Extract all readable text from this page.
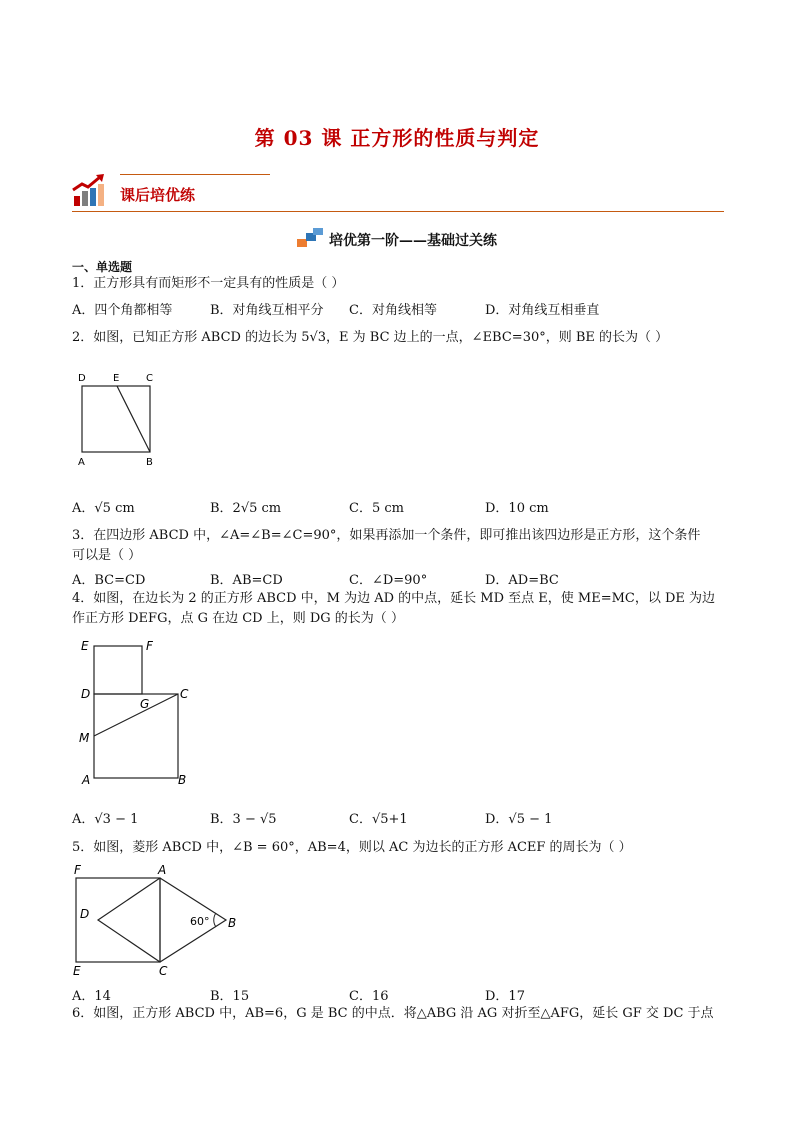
第 03 课 正方形的性质与判定
课后培优练
培优第一阶——基础过关练
一、单选题
1．正方形具有而矩形不一定具有的性质是（ ）
A．四个角都相等	B．对角线互相平分 C．对角线相等	D．对角线互相垂直
2．如图，已知正方形 ABCD 的边长为 5√3，E 为 BC 边上的一点，∠EBC=30°，则 BE 的长为（ ）
D	E	C
A	B
A．√5 cm	B．2√5 cm	C．5 cm	D．10 cm
3．在四边形 ABCD 中，∠A=∠B=∠C=90°，如果再添加一个条件，即可推出该四边形是正方形，这个条件
可以是（ ）
A．BC=CD	B．AB=CD	C．∠D=90°	D．AD=BC
4．如图，在边长为 2 的正方形 ABCD 中，M 为边 AD 的中点，延长 MD 至点 E，使 ME=MC，以 DE 为边
作正方形 DEFG，点 G 在边 CD 上，则 DG 的长为（ ）
E	F
D
G
C
M
A	B
A．√3 − 1	B．3 − √5	C．√5+1	D．√5 − 1
5．如图，菱形 ABCD 中，∠B = 60°，AB=4，则以 AC 为边长的正方形 ACEF 的周长为（ ）
F	A
D
60° B
E	C
A．14	B．15	C．16	D．17
6．如图，正方形 ABCD 中，AB=6，G 是 BC 的中点．将△ABG 沿 AG 对折至△AFG，延长 GF 交 DC 于点
